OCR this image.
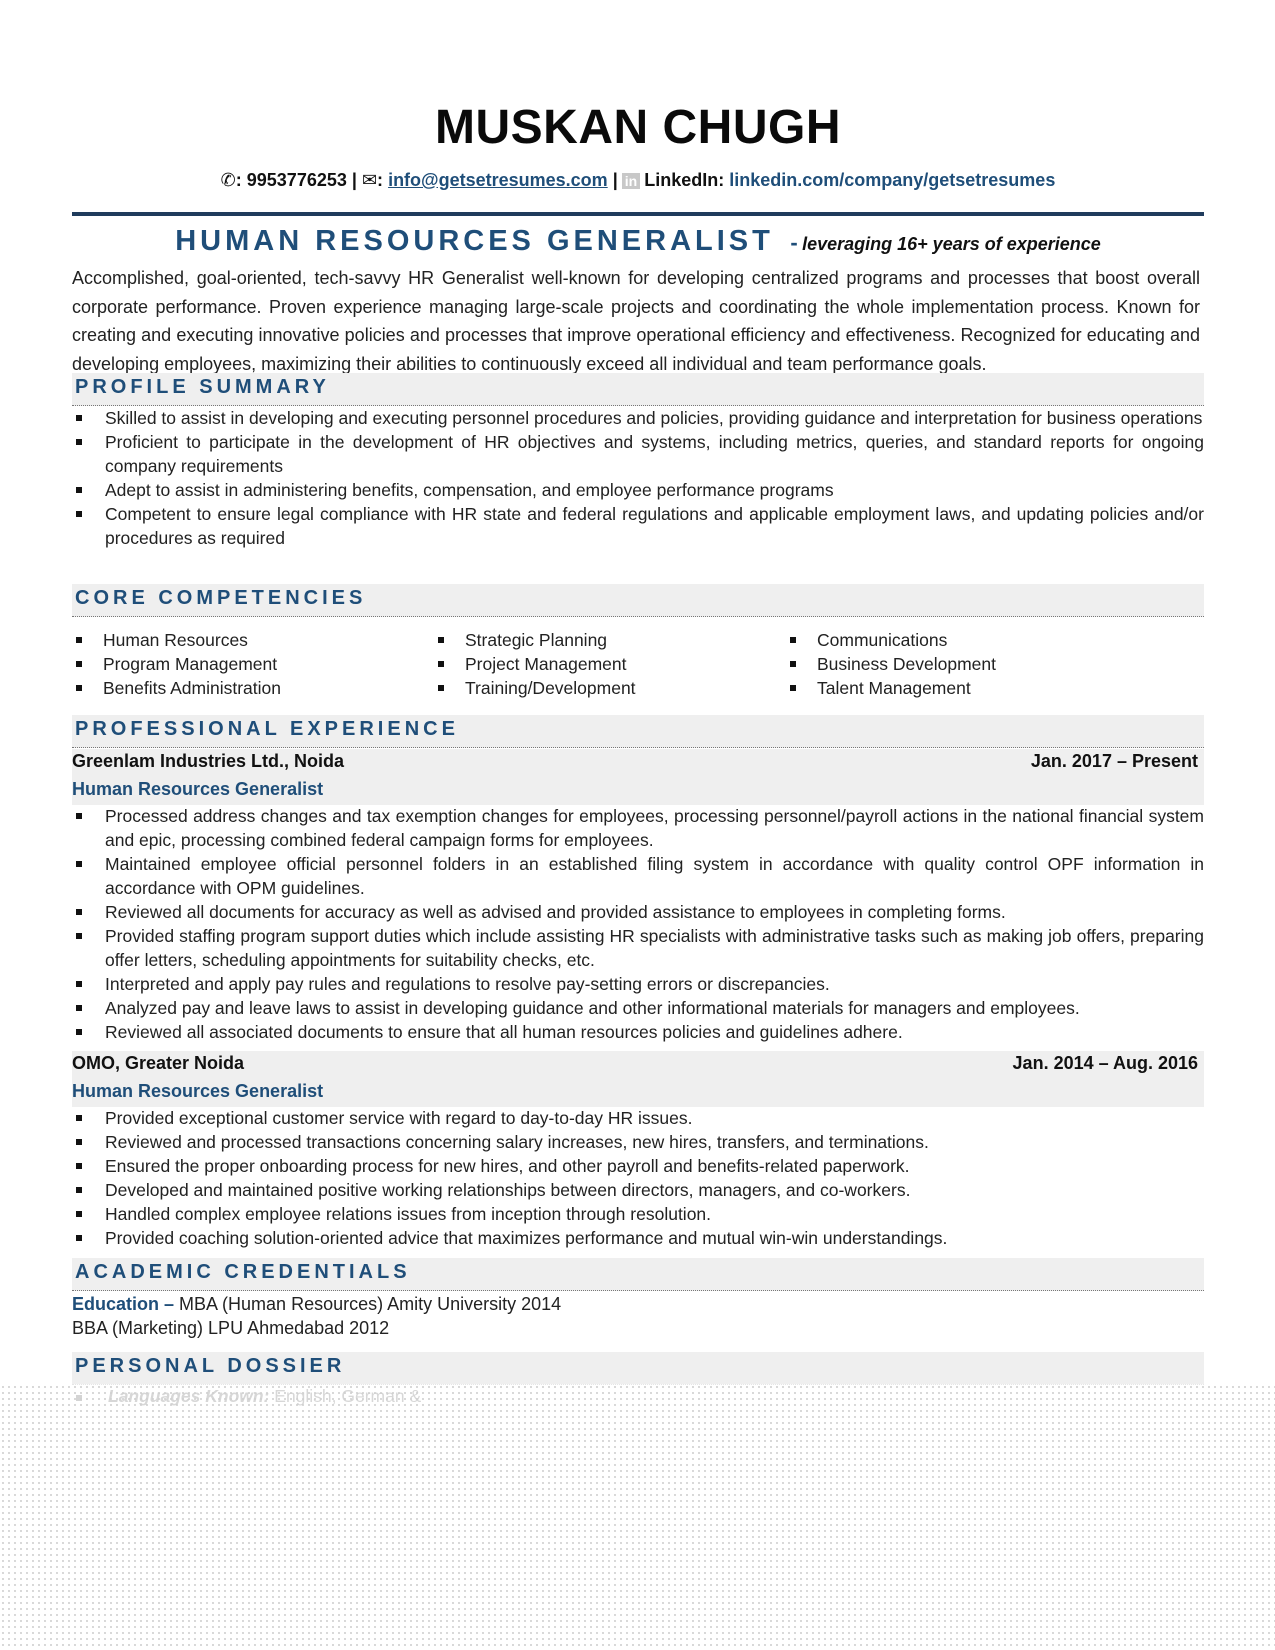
MUSKAN CHUGH
✆: 9953776253 | ✉: info@getsetresumes.com | in LinkedIn: linkedin.com/company/getsetresumes
HUMAN RESOURCES GENERALIST - leveraging 16+ years of experience
Accomplished, goal-oriented, tech-savvy HR Generalist well-known for developing centralized programs and processes that boost overall corporate performance. Proven experience managing large-scale projects and coordinating the whole implementation process. Known for creating and executing innovative policies and processes that improve operational efficiency and effectiveness. Recognized for educating and developing employees, maximizing their abilities to continuously exceed all individual and team performance goals.
PROFILE SUMMARY
Skilled to assist in developing and executing personnel procedures and policies, providing guidance and interpretation for business operations
Proficient to participate in the development of HR objectives and systems, including metrics, queries, and standard reports for ongoing company requirements
Adept to assist in administering benefits, compensation, and employee performance programs
Competent to ensure legal compliance with HR state and federal regulations and applicable employment laws, and updating policies and/or procedures as required
CORE COMPETENCIES
Human Resources
Program Management
Benefits Administration
Strategic Planning
Project Management
Training/Development
Communications
Business Development
Talent Management
PROFESSIONAL EXPERIENCE
Greenlam Industries Ltd., Noida	Jan. 2017 – Present
Human Resources Generalist
Processed address changes and tax exemption changes for employees, processing personnel/payroll actions in the national financial system and epic, processing combined federal campaign forms for employees.
Maintained employee official personnel folders in an established filing system in accordance with quality control OPF information in accordance with OPM guidelines.
Reviewed all documents for accuracy as well as advised and provided assistance to employees in completing forms.
Provided staffing program support duties which include assisting HR specialists with administrative tasks such as making job offers, preparing offer letters, scheduling appointments for suitability checks, etc.
Interpreted and apply pay rules and regulations to resolve pay-setting errors or discrepancies.
Analyzed pay and leave laws to assist in developing guidance and other informational materials for managers and employees.
Reviewed all associated documents to ensure that all human resources policies and guidelines adhere.
OMO, Greater Noida	Jan. 2014 – Aug. 2016
Human Resources Generalist
Provided exceptional customer service with regard to day-to-day HR issues.
Reviewed and processed transactions concerning salary increases, new hires, transfers, and terminations.
Ensured the proper onboarding process for new hires, and other payroll and benefits-related paperwork.
Developed and maintained positive working relationships between directors, managers, and co-workers.
Handled complex employee relations issues from inception through resolution.
Provided coaching solution-oriented advice that maximizes performance and mutual win-win understandings.
ACADEMIC CREDENTIALS
Education – MBA (Human Resources) Amity University 2014
BBA (Marketing) LPU Ahmedabad 2012
PERSONAL DOSSIER
